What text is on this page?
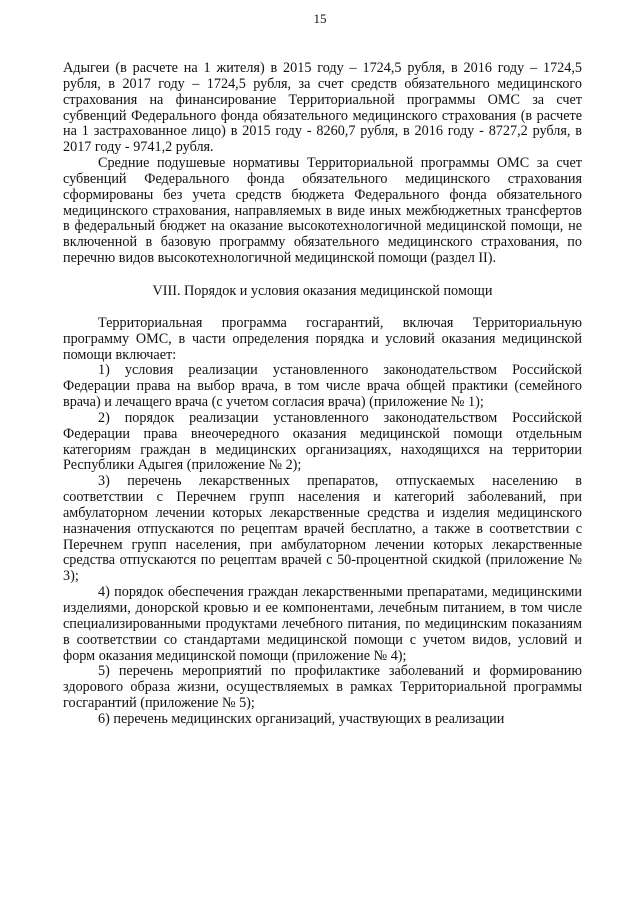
15

Адыгеи (в расчете на 1 жителя) в 2015 году – 1724,5 рубля, в 2016 году – 1724,5 рубля, в 2017 году – 1724,5 рубля, за счет средств обязательного медицинского страхования на финансирование Территориальной программы ОМС за счет субвенций Федерального фонда обязательного медицинского страхования (в расчете на 1 застрахованное лицо) в 2015 году - 8260,7 рубля, в 2016 году - 8727,2 рубля, в 2017 году - 9741,2 рубля.

Средние подушевые нормативы Территориальной программы ОМС за счет субвенций Федерального фонда обязательного медицинского страхования сформированы без учета средств бюджета Федерального фонда обязательного медицинского страхования, направляемых в виде иных межбюджетных трансфертов в федеральный бюджет на оказание высокотехнологичной медицинской помощи, не включенной в базовую программу обязательного медицинского страхования, по перечню видов высокотехнологичной медицинской помощи (раздел II).

VIII. Порядок и условия оказания медицинской помощи

Территориальная программа госгарантий, включая Территориальную программу ОМС, в части определения порядка и условий оказания медицинской помощи включает:

1) условия реализации установленного законодательством Российской Федерации права на выбор врача, в том числе врача общей практики (семейного врача) и лечащего врача (с учетом согласия врача) (приложение № 1);

2) порядок реализации установленного законодательством Российской Федерации права внеочередного оказания медицинской помощи отдельным категориям граждан в медицинских организациях, находящихся на территории Республики Адыгея (приложение № 2);

3) перечень лекарственных препаратов, отпускаемых населению в соответствии с Перечнем групп населения и категорий заболеваний, при амбулаторном лечении которых лекарственные средства и изделия медицинского назначения отпускаются по рецептам врачей бесплатно, а также в соответствии с Перечнем групп населения, при амбулаторном лечении которых лекарственные средства отпускаются по рецептам врачей с 50-процентной скидкой (приложение № 3);

4) порядок обеспечения граждан лекарственными препаратами, медицинскими изделиями, донорской кровью и ее компонентами, лечебным питанием, в том числе специализированными продуктами лечебного питания, по медицинским показаниям в соответствии со стандартами медицинской помощи с учетом видов, условий и форм оказания медицинской помощи (приложение № 4);

5) перечень мероприятий по профилактике заболеваний и формированию здорового образа жизни, осуществляемых в рамках Территориальной программы госгарантий (приложение № 5);

6) перечень медицинских организаций, участвующих в реализации
